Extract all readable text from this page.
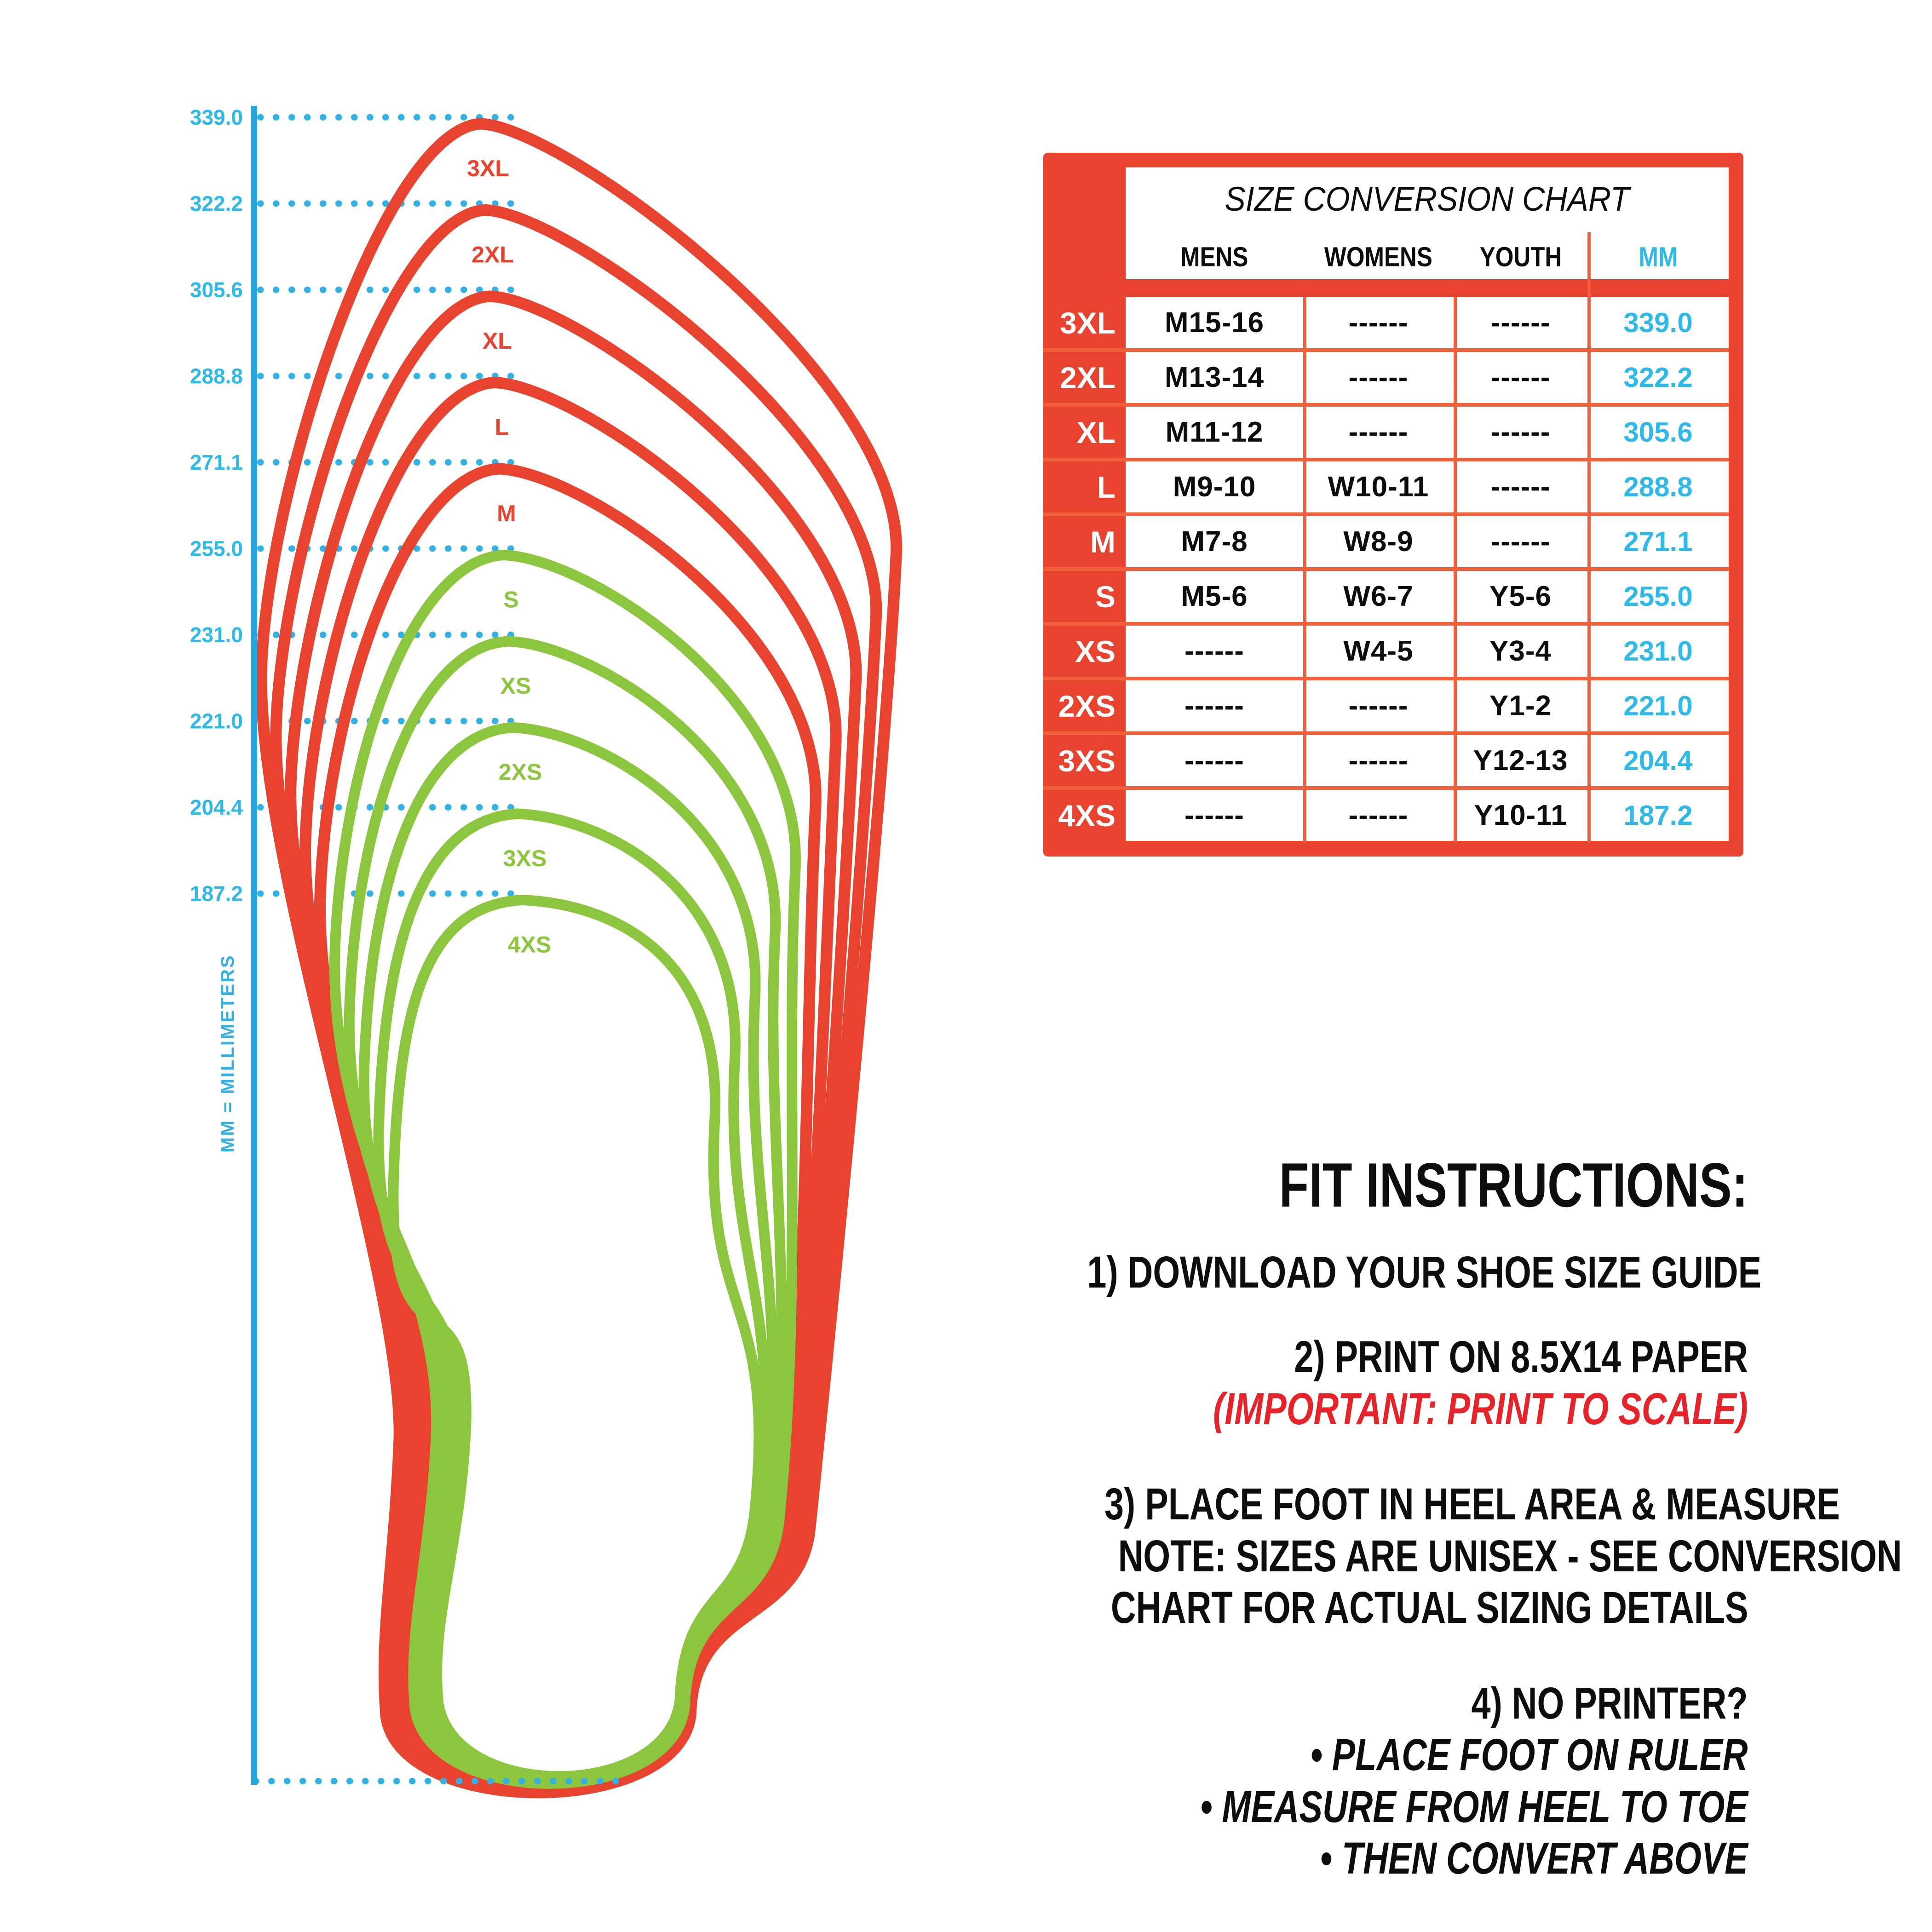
339.0
3XL
322.2
2XL
305.6
XL
288.8
L
271.1
M
255.0
S
231.0
XS
221.0
2XS
204.4
3XS
187.2
4XS
MM = MILLIMETERS
SIZE CONVERSION CHART
MENS	WOMENS	YOUTH	MM
3XL	M15-16	------	------	339.0
2XL	M13-14	------	------	322.2
XL	M11-12	------	------	305.6
L	M9-10	W10-11	------	288.8
M	M7-8	W8-9	------	271.1
S	M5-6	W6-7	Y5-6	255.0
XS	------	W4-5	Y3-4	231.0
2XS	------	------	Y1-2	221.0
3XS	------	------	Y12-13	204.4
4XS	------	------	Y10-11	187.2
FIT INSTRUCTIONS:
1) DOWNLOAD YOUR SHOE SIZE GUIDE
2) PRINT ON 8.5X14 PAPER
(IMPORTANT: PRINT TO SCALE)
3) PLACE FOOT IN HEEL AREA & MEASURE
NOTE: SIZES ARE UNISEX - SEE CONVERSION
CHART FOR ACTUAL SIZING DETAILS
4) NO PRINTER?
• PLACE FOOT ON RULER
• MEASURE FROM HEEL TO TOE
• THEN CONVERT ABOVE
